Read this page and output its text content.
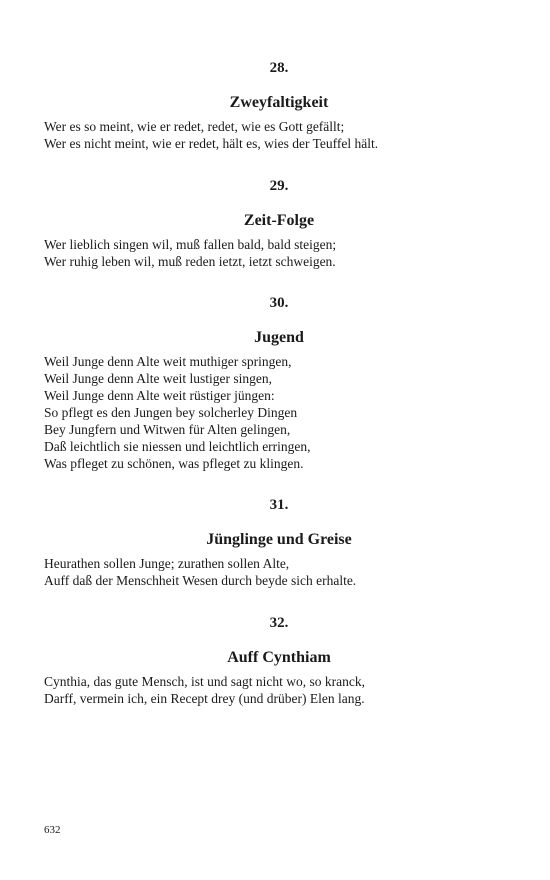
28.
Zweyfaltigkeit
Wer es so meint, wie er redet, redet, wie es Gott gefällt;
Wer es nicht meint, wie er redet, hält es, wies der Teuffel hält.
29.
Zeit-Folge
Wer lieblich singen wil, muß fallen bald, bald steigen;
Wer ruhig leben wil, muß reden ietzt, ietzt schweigen.
30.
Jugend
Weil Junge denn Alte weit muthiger springen,
Weil Junge denn Alte weit lustiger singen,
Weil Junge denn Alte weit rüstiger jüngen:
So pflegt es den Jungen bey solcherley Dingen
Bey Jungfern und Witwen für Alten gelingen,
Daß leichtlich sie niessen und leichtlich erringen,
Was pfleget zu schönen, was pfleget zu klingen.
31.
Jünglinge und Greise
Heurathen sollen Junge; zurathen sollen Alte,
Auff daß der Menschheit Wesen durch beyde sich erhalte.
32.
Auff Cynthiam
Cynthia, das gute Mensch, ist und sagt nicht wo, so kranck,
Darff, vermein ich, ein Recept drey (und drüber) Elen lang.
632
